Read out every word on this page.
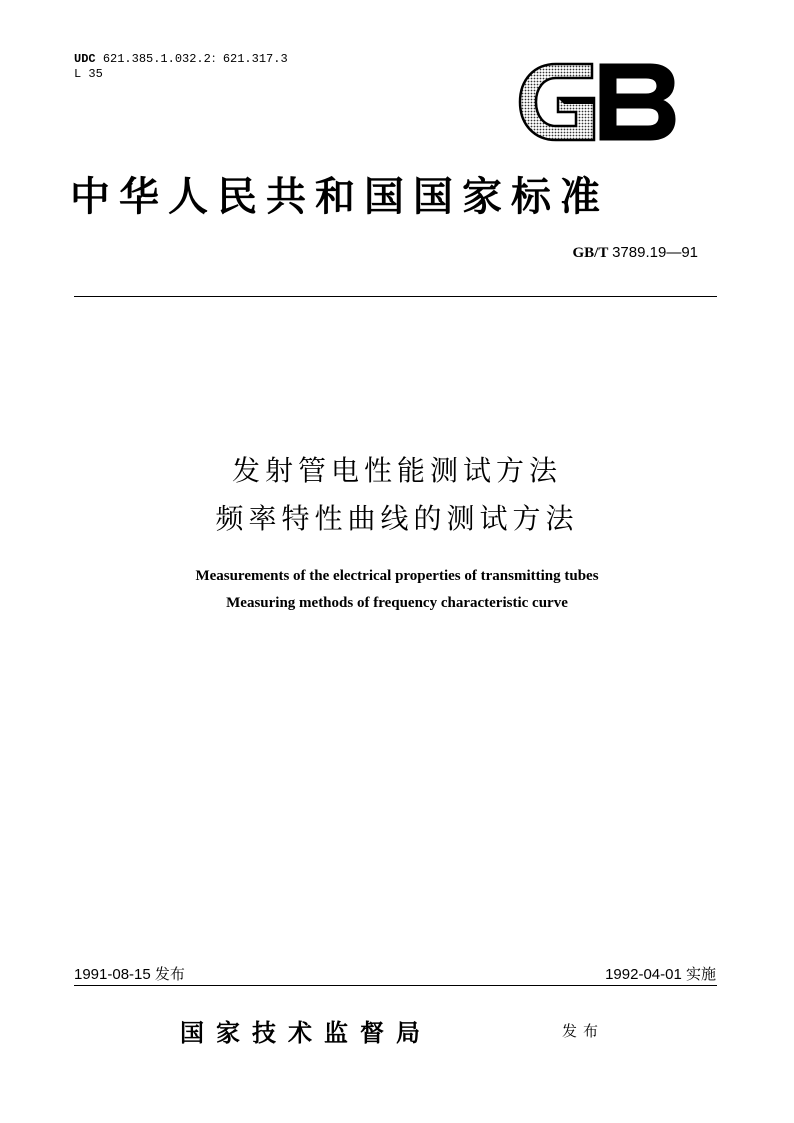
UDC 621.385.1.032.2：621.317.3
L 35
中华人民共和国国家标准
GB/T 3789.19—91
发射管电性能测试方法
频率特性曲线的测试方法
Measurements of the electrical properties of transmitting tubes
Measuring methods of frequency characteristic curve
1991-08-15 发布	1992-04-01 实施
国家技术监督局	发布
